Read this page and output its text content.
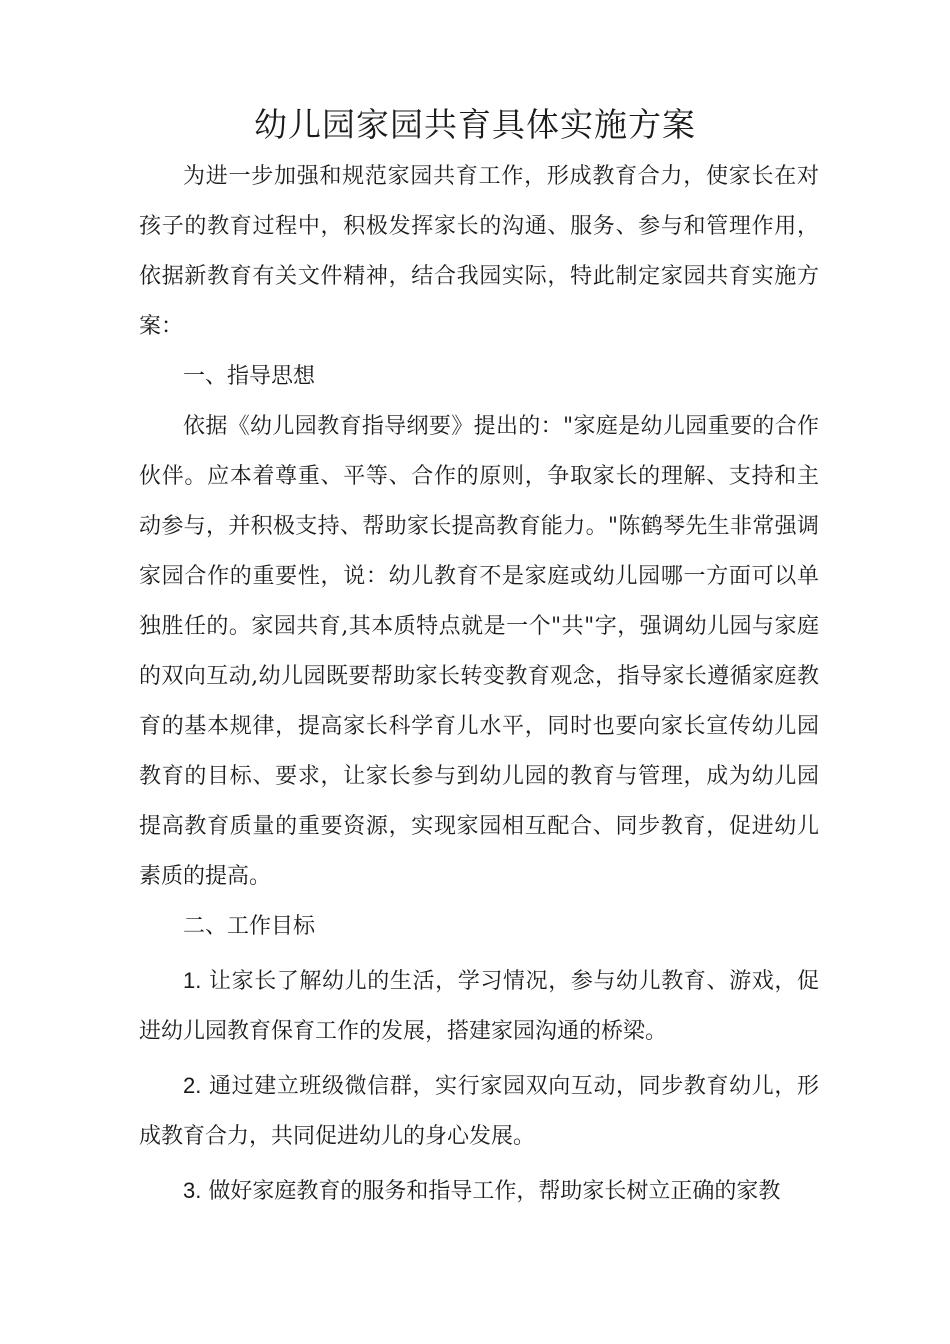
幼儿园家园共育具体实施方案

为进一步加强和规范家园共育工作，形成教育合力，使家长在对孩子的教育过程中，积极发挥家长的沟通、服务、参与和管理作用，依据新教育有关文件精神，结合我园实际，特此制定家园共育实施方案：

一、指导思想

依据《幼儿园教育指导纲要》提出的："家庭是幼儿园重要的合作伙伴。应本着尊重、平等、合作的原则，争取家长的理解、支持和主动参与，并积极支持、帮助家长提高教育能力。"陈鹤琴先生非常强调家园合作的重要性，说：幼儿教育不是家庭或幼儿园哪一方面可以单独胜任的。家园共育,其本质特点就是一个"共"字，强调幼儿园与家庭的双向互动,幼儿园既要帮助家长转变教育观念，指导家长遵循家庭教育的基本规律，提高家长科学育儿水平，同时也要向家长宣传幼儿园教育的目标、要求，让家长参与到幼儿园的教育与管理，成为幼儿园提高教育质量的重要资源，实现家园相互配合、同步教育，促进幼儿素质的提高。

二、工作目标

1. 让家长了解幼儿的生活，学习情况，参与幼儿教育、游戏，促进幼儿园教育保育工作的发展，搭建家园沟通的桥梁。

2. 通过建立班级微信群，实行家园双向互动，同步教育幼儿，形成教育合力，共同促进幼儿的身心发展。

3. 做好家庭教育的服务和指导工作，帮助家长树立正确的家教
